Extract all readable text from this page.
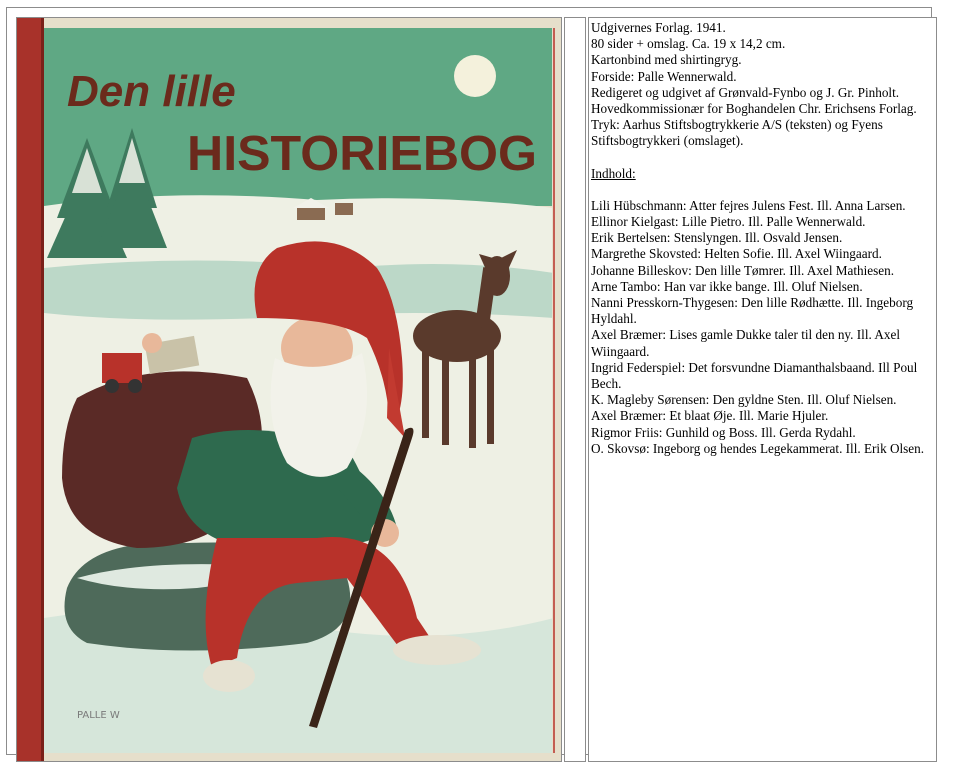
Den lille
HISTORIEBOG
PALLE W

Udgivernes Forlag. 1941.

80 sider + omslag. Ca. 19 x 14,2 cm.

Kartonbind med shirtingryg.

Forside: Palle Wennerwald.

Redigeret og udgivet af Grønvald-Fynbo og J. Gr. Pinholt.

Hovedkommissionær for Boghandelen Chr. Erichsens Forlag.

Tryk: Aarhus Stiftsbogtrykkerie A/S (teksten) og Fyens Stiftsbogtrykkeri (omslaget).

Indhold:

Lili Hübschmann: Atter fejres Julens Fest. Ill. Anna Larsen.

Ellinor Kielgast: Lille Pietro. Ill. Palle Wennerwald.

Erik Bertelsen: Stenslyngen. Ill. Osvald Jensen.

Margrethe Skovsted: Helten Sofie. Ill. Axel Wiingaard.

Johanne Billeskov: Den lille Tømrer. Ill. Axel Mathiesen.

Arne Tambo: Han var ikke bange. Ill. Oluf Nielsen.

Nanni Presskorn-Thygesen: Den lille Rødhætte. Ill. Ingeborg Hyldahl.

Axel Bræmer: Lises gamle Dukke taler til den ny. Ill. Axel Wiingaard.

Ingrid Federspiel: Det forsvundne Diamanthalsbaand. Ill Poul Bech.

K. Magleby Sørensen: Den gyldne Sten. Ill. Oluf Nielsen.

Axel Bræmer: Et blaat Øje. Ill. Marie Hjuler.

Rigmor Friis: Gunhild og Boss. Ill. Gerda Rydahl.

O. Skovsø: Ingeborg og hendes Legekammerat. Ill. Erik Olsen.
